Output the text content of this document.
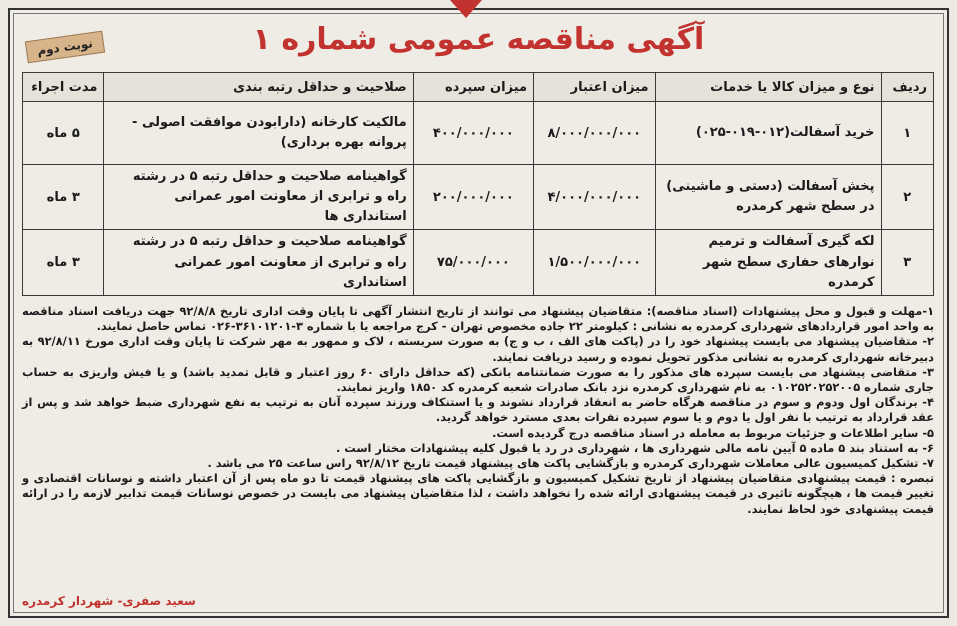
آگهی مناقصه عمومی شماره ۱
نوبت دوم
ردیف	نوع و میزان کالا یا خدمات	میزان اعتبار	میزان سپرده	صلاحیت و حداقل رتبه بندی	مدت اجراء
۱	خرید آسفالت(۰۱۲-۰۱۹-۰۲۵)	۸/۰۰۰/۰۰۰/۰۰۰	۴۰۰/۰۰۰/۰۰۰	مالکیت کارخانه (دارابودن موافقت اصولی - پروانه بهره برداری)	۵ ماه
۲	پخش آسفالت (دستی و ماشینی) در سطح شهر کرمدره	۴/۰۰۰/۰۰۰/۰۰۰	۲۰۰/۰۰۰/۰۰۰	گواهینامه صلاحیت و حداقل رتبه ۵ در رشته راه و ترابری از معاونت امور عمرانی استانداری ها	۳ ماه
۳	لکه گیری آسفالت و ترمیم نوارهای حفاری سطح شهر کرمدره	۱/۵۰۰/۰۰۰/۰۰۰	۷۵/۰۰۰/۰۰۰	گواهینامه صلاحیت و حداقل رتبه ۵ در رشته راه و ترابری از معاونت امور عمرانی استانداری	۳ ماه

۱-مهلت و قبول و محل پیشنهادات (اسناد مناقصه): متقاضیان پیشنهاد می توانند از تاریخ انتشار آگهی تا پایان وقت اداری تاریخ ۹۲/۸/۸ جهت دریافت اسناد مناقصه به واحد امور قراردادهای شهرداری کرمدره به نشانی : کیلومتر ۲۲ جاده مخصوص تهران - کرج مراجعه یا با شماره ۳-۳۶۱۰۱۲۰۱-۰۲۶ تماس حاصل نمایند.

۲- متقاضیان پیشنهاد می بایست پیشنهاد خود را در (پاکت های الف ، ب و ج) به صورت سربسته ، لاک و ممهور به مهر شرکت تا پایان وقت اداری مورخ ۹۲/۸/۱۱ به دبیرخانه شهرداری کرمدره به نشانی مذکور تحویل نموده و رسید دریافت نمایند.

۳- متقاضی پیشنهاد می بایست سپرده های مذکور را به صورت ضمانتنامه بانکی (که حداقل دارای ۶۰ روز اعتبار و قابل تمدید باشد) و یا فیش واریزی به حساب جاری شماره ۰۱۰۲۵۲۰۲۵۲۰۰۵ به نام شهرداری کرمدره نزد بانک صادرات شعبه کرمدره کد ۱۸۵۰ واریز نمایند.

۴- برندگان اول ودوم و سوم در مناقصه هرگاه حاضر به انعقاد قرارداد نشوند و یا استنکاف ورزند سپرده آنان به ترتیب به نفع شهرداری ضبط خواهد شد و پس از عقد قرارداد به ترتیب با نفر اول یا دوم و یا سوم سپرده نفرات بعدی مسترد خواهد گردید.

۵- سایر اطلاعات و جزئیات مربوط به معامله در اسناد مناقصه درج گردیده است.

۶- به استناد بند ۵ ماده ۵ آیین نامه مالی شهرداری ها ، شهرداری در رد یا قبول کلیه پیشنهادات مختار است .

۷- تشکیل کمیسیون عالی معاملات شهرداری کرمدره و بازگشایی پاکت های پیشنهاد قیمت تاریخ ۹۲/۸/۱۲ راس ساعت ۲۵ می باشد .

تبصره : قیمت پیشنهادی متقاضیان پیشنهاد از تاریخ تشکیل کمیسیون و بازگشایی پاکت های پیشنهاد قیمت تا دو ماه پس از آن اعتبار داشته و نوسانات اقتصادی و تغییر قیمت ها ، هیچگونه تاثیری در قیمت پیشنهادی ارائه شده را نخواهد داشت ، لذا متقاضیان پیشنهاد می بایست در خصوص نوسانات قیمت تدابیر لازمه را در ارائه قیمت پیشنهادی خود لحاظ نمایند.

سعید صفری- شهردار کرمدره
